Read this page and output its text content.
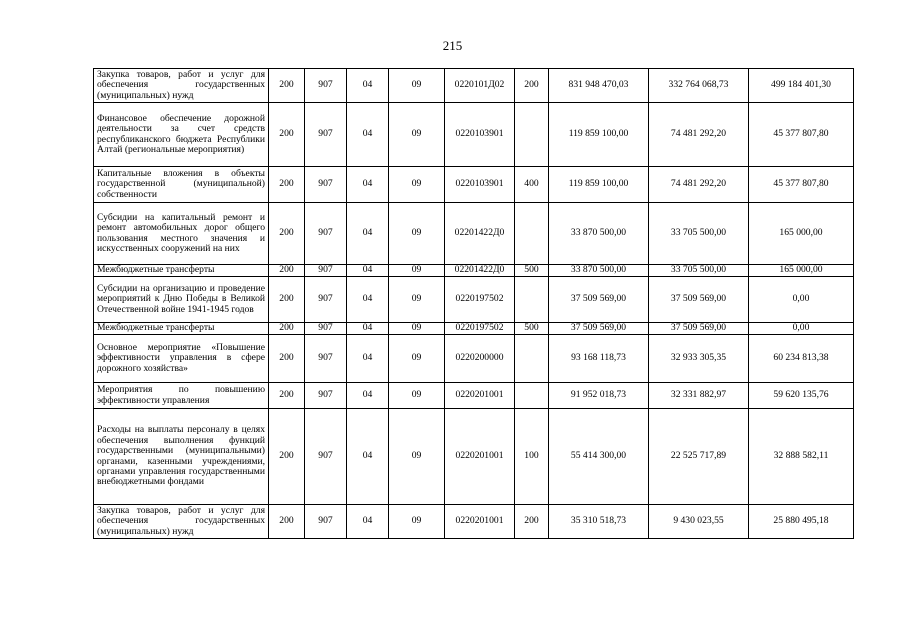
215
Закупка товаров, работ и услуг для обеспечения государственных (муниципальных) нужд	200	907	04	09	0220101Д02	200	831 948 470,03	332 764 068,73	499 184 401,30
Финансовое обеспечение дорожной деятельности за счет средств республиканского бюджета Республики Алтай (региональные мероприятия)	200	907	04	09	0220103901		119 859 100,00	74 481 292,20	45 377 807,80
Капитальные вложения в объекты государственной (муниципальной) собственности	200	907	04	09	0220103901	400	119 859 100,00	74 481 292,20	45 377 807,80
Субсидии на капитальный ремонт и ремонт автомобильных дорог общего пользования местного значения и искусственных сооружений на них	200	907	04	09	02201422Д0		33 870 500,00	33 705 500,00	165 000,00
Межбюджетные трансферты	200	907	04	09	02201422Д0	500	33 870 500,00	33 705 500,00	165 000,00
Субсидии на организацию и проведение мероприятий к Дню Победы в Великой Отечественной войне 1941-1945 годов	200	907	04	09	0220197502		37 509 569,00	37 509 569,00	0,00
Межбюджетные трансферты	200	907	04	09	0220197502	500	37 509 569,00	37 509 569,00	0,00
Основное мероприятие «Повышение эффективности управления в сфере дорожного хозяйства»	200	907	04	09	0220200000		93 168 118,73	32 933 305,35	60 234 813,38
Мероприятия по повышению эффективности управления	200	907	04	09	0220201001		91 952 018,73	32 331 882,97	59 620 135,76
Расходы на выплаты персоналу в целях обеспечения выполнения функций государственными (муниципальными) органами, казенными учреждениями, органами управления государственными внебюджетными фондами	200	907	04	09	0220201001	100	55 414 300,00	22 525 717,89	32 888 582,11
Закупка товаров, работ и услуг для обеспечения государственных (муниципальных) нужд	200	907	04	09	0220201001	200	35 310 518,73	9 430 023,55	25 880 495,18
